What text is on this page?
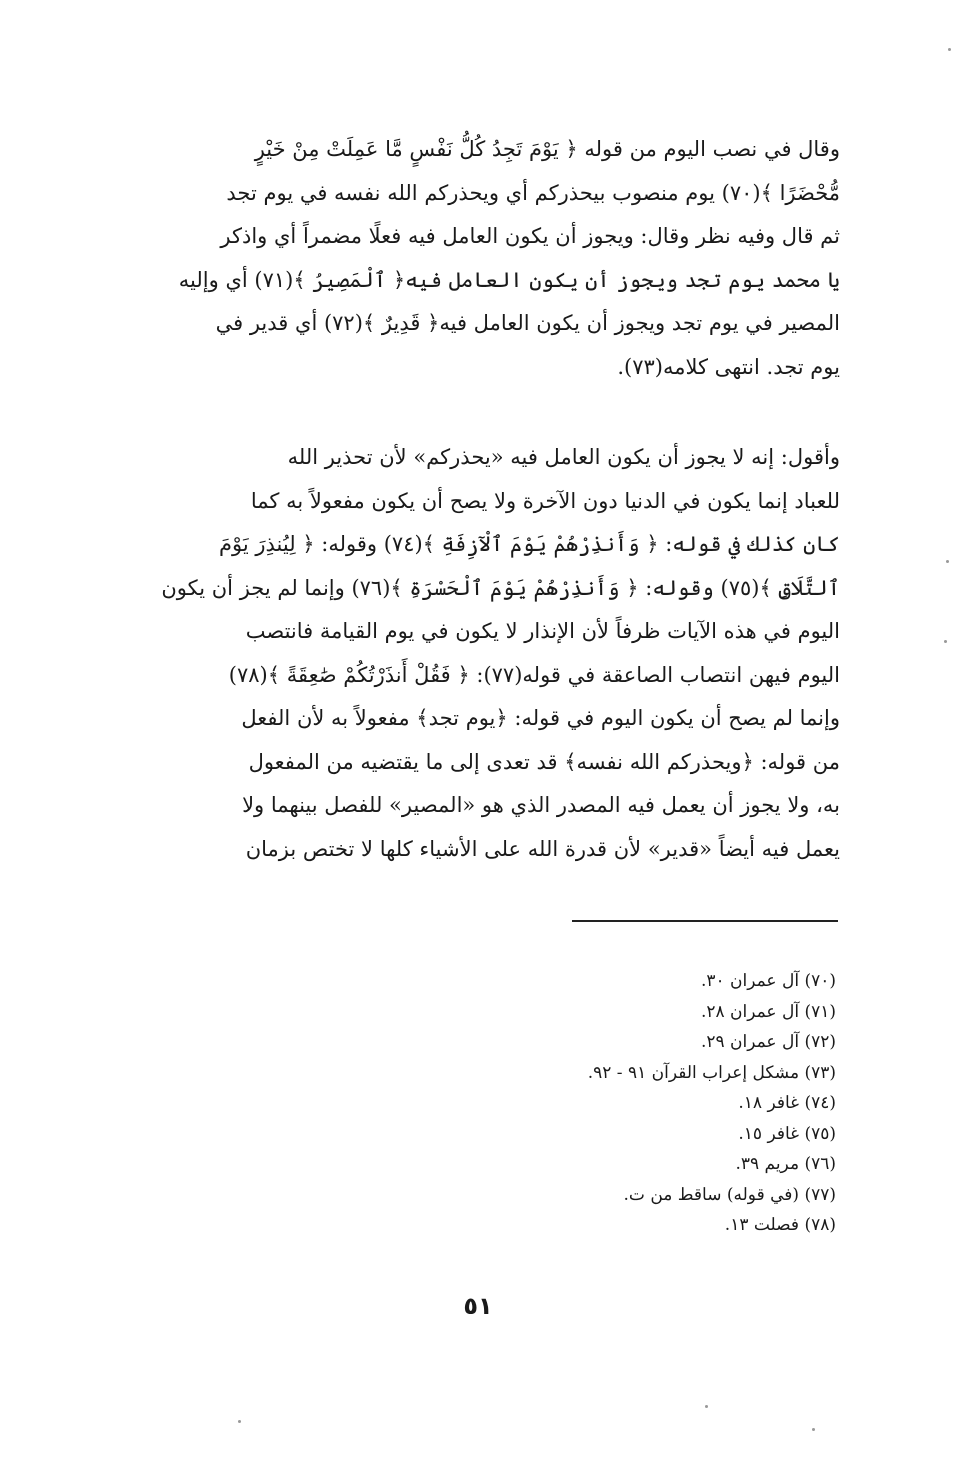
وقال في نصب اليوم من قوله ﴿ يَوْمَ تَجِدُ كُلُّ نَفْسٍ مَّا عَمِلَتْ مِنْ خَيْرٍ
مُّحْضَرًا ﴾(٧٠) يوم منصوب بيحذركم أي ويحذركم الله نفسه في يوم تجد
ثم قال وفيه نظر وقال: ويجوز أن يكون العامل فيه فعلًا مضمراً أي واذكر
يا محمد يوم تجد ويجوز أن يكون العامل فيه﴿ ٱلْمَصِيرُ ﴾(٧١) أي وإليه
المصير في يوم تجد ويجوز أن يكون العامل فيه﴿ قَدِيرٌ ﴾(٧٢) أي قدير في
يوم تجد. انتهى كلامه(٧٣).
وأقول: إنه لا يجوز أن يكون العامل فيه «يحذركم» لأن تحذير الله
للعباد إنما يكون في الدنيا دون الآخرة ولا يصح أن يكون مفعولاً به كما
كان كذلك في قوله: ﴿ وَأَنذِرْهُمْ يَوْمَ ٱلْآزِفَةِ ﴾(٧٤) وقوله: ﴿ لِيُنذِرَ يَوْمَ
ٱلتَّلَاقِ ﴾(٧٥) وقوله: ﴿ وَأَنذِرْهُمْ يَوْمَ ٱلْحَسْرَةِ ﴾(٧٦) وإنما لم يجز أن يكون
اليوم في هذه الآيات ظرفاً لأن الإنذار لا يكون في يوم القيامة فانتصب
اليوم فيهن انتصاب الصاعقة في قوله(٧٧): ﴿ فَقُلْ أَنذَرْتُكُمْ صَٰعِقَةً ﴾(٧٨)
وإنما لم يصح أن يكون اليوم في قوله: ﴿يوم تجد﴾ مفعولاً به لأن الفعل
من قوله: ﴿ويحذركم الله نفسه﴾ قد تعدى إلى ما يقتضيه من المفعول
به، ولا يجوز أن يعمل فيه المصدر الذي هو «المصير» للفصل بينهما ولا
يعمل فيه أيضاً «قدير» لأن قدرة الله على الأشياء كلها لا تختص بزمان
(٧٠) آل عمران ٣٠.
(٧١) آل عمران ٢٨.
(٧٢) آل عمران ٢٩.
(٧٣) مشكل إعراب القرآن ٩١ - ٩٢.
(٧٤) غافر ١٨.
(٧٥) غافر ١٥.
(٧٦) مريم ٣٩.
(٧٧) (في قوله) ساقط من ت.
(٧٨) فصلت ١٣.
٥١
